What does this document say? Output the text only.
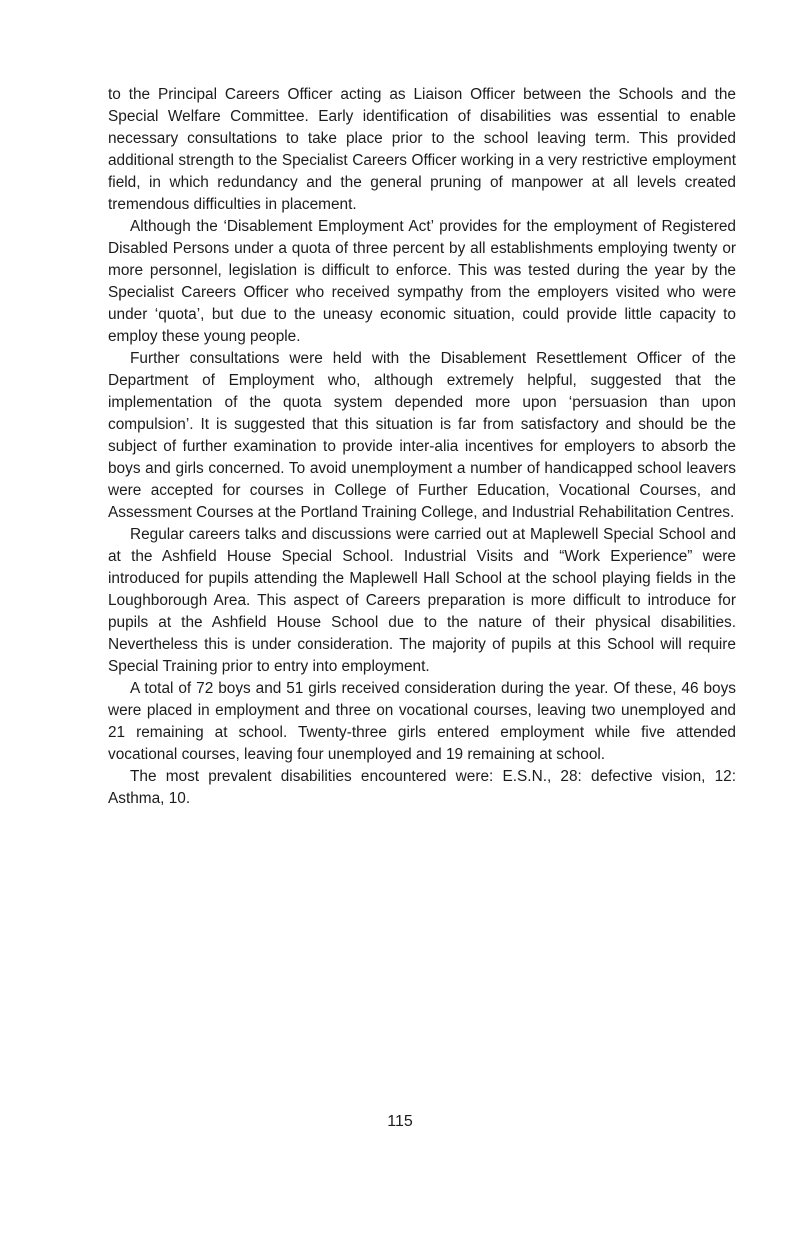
to the Principal Careers Officer acting as Liaison Officer between the Schools and the Special Welfare Committee. Early identification of disabilities was essential to enable necessary consultations to take place prior to the school leaving term. This provided additional strength to the Specialist Careers Officer working in a very restrictive employment field, in which redundancy and the general pruning of manpower at all levels created tremendous difficulties in placement.

Although the ‘Disablement Employment Act’ provides for the employment of Registered Disabled Persons under a quota of three percent by all establishments employing twenty or more personnel, legislation is difficult to enforce. This was tested during the year by the Specialist Careers Officer who received sympathy from the employers visited who were under ‘quota’, but due to the uneasy economic situation, could provide little capacity to employ these young people.

Further consultations were held with the Disablement Resettlement Officer of the Department of Employment who, although extremely helpful, suggested that the implementation of the quota system depended more upon ‘persuasion than upon compulsion’. It is suggested that this situation is far from satisfactory and should be the subject of further examination to provide inter-alia incentives for employers to absorb the boys and girls concerned. To avoid unemployment a number of handicapped school leavers were accepted for courses in College of Further Education, Vocational Courses, and Assessment Courses at the Portland Training College, and Industrial Rehabilitation Centres.

Regular careers talks and discussions were carried out at Maplewell Special School and at the Ashfield House Special School. Industrial Visits and “Work Experience” were introduced for pupils attending the Maplewell Hall School at the school playing fields in the Loughborough Area. This aspect of Careers preparation is more difficult to introduce for pupils at the Ashfield House School due to the nature of their physical disabilities. Nevertheless this is under consideration. The majority of pupils at this School will require Special Training prior to entry into employment.

A total of 72 boys and 51 girls received consideration during the year. Of these, 46 boys were placed in employment and three on vocational courses, leaving two unemployed and 21 remaining at school. Twenty-three girls entered employment while five attended vocational courses, leaving four unemployed and 19 remaining at school.

The most prevalent disabilities encountered were: E.S.N., 28: defective vision, 12: Asthma, 10.

115
